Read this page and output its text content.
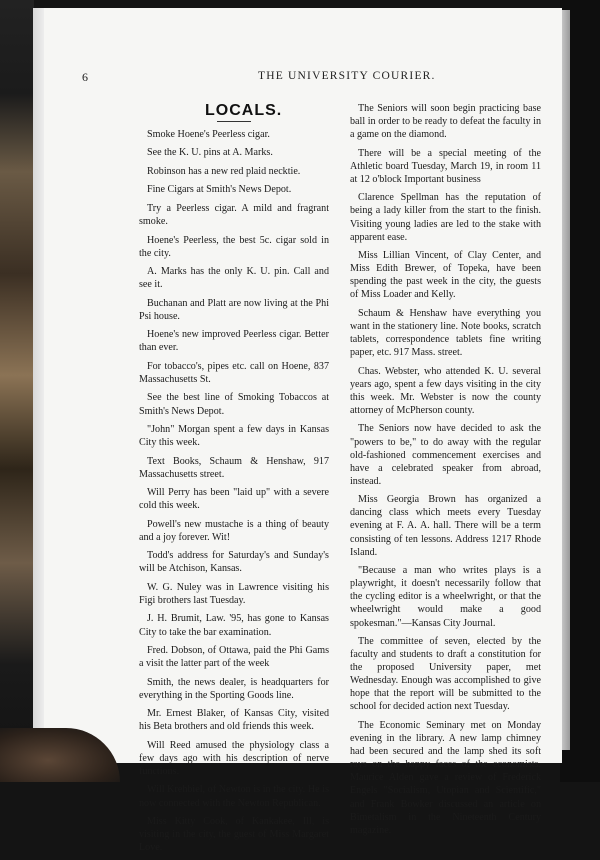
6	THE UNIVERSITY COURIER.
LOCALS.

Smoke Hoene's Peerless cigar.

See the K. U. pins at A. Marks.

Robinson has a new red plaid necktie.

Fine Cigars at Smith's News Depot.

Try a Peerless cigar. A mild and fragrant smoke.

Hoene's Peerless, the best 5c. cigar sold in the city.

A. Marks has the only K. U. pin. Call and see it.

Buchanan and Platt are now living at the Phi Psi house.

Hoene's new improved Peerless cigar. Better than ever.

For tobacco's, pipes etc. call on Hoene, 837 Massachusetts St.

See the best line of Smoking Tobaccos at Smith's News Depot.

"John" Morgan spent a few days in Kansas City this week.

Text Books, Schaum & Henshaw, 917 Massachusetts street.

Will Perry has been "laid up" with a severe cold this week.

Powell's new mustache is a thing of beauty and a joy forever. Wit!

Todd's address for Saturday's and Sunday's will be Atchison, Kansas.

W. G. Nuley was in Lawrence visiting his Figi brothers last Tuesday.

J. H. Brumit, Law. '95, has gone to Kansas City to take the bar examination.

Fred. Dobson, of Ottawa, paid the Phi Gams a visit the latter part of the week

Smith, the news dealer, is headquarters for everything in the Sporting Goods line.

Mr. Ernest Blaker, of Kansas City, visited his Beta brothers and old friends this week.

Will Reed amused the physiology class a few days ago with his description of nerve functions.

Will Krehbiel, of Newton is in the city. He is now connected with the Newton Republican.

Miss Kitty Cook, of Kankakee, Ill, is visiting in the city, the guest of Miss Margaret Love.

The Seniors will soon begin practicing base ball in order to be ready to defeat the faculty in a game on the diamond.

There will be a special meeting of the Athletic board Tuesday, March 19, in room 11 at 12 o'block Important business

Clarence Spellman has the reputation of being a lady killer from the start to the finish. Visiting young ladies are led to the stake with apparent ease.

Miss Lillian Vincent, of Clay Center, and Miss Edith Brewer, of Topeka, have been spending the past week in the city, the guests of Miss Loader and Kelly.

Schaum & Henshaw have everything you want in the stationery line. Note books, scratch tablets, correspondence tablets fine writing paper, etc. 917 Mass. street.

Chas. Webster, who attended K. U. several years ago, spent a few days visiting in the city this week. Mr. Webster is now the county attorney of McPherson county.

The Seniors now have decided to ask the "powers to be," to do away with the regular old-fashioned commencement exercises and have a celebrated speaker from abroad, instead.

Miss Georgia Brown has organized a dancing class which meets every Tuesday evening at F. A. A. hall. There will be a term consisting of ten lessons. Address 1217 Rhode Island.

"Because a man who writes plays is a playwright, it doesn't necessarily follow that the cycling editor is a wheelwright, or that the wheelwright would make a good spokesman."—Kansas City Journal.

The committee of seven, elected by the faculty and students to draft a constitution for the proposed University paper, met Wednesday. Enough was accomplished to give hope that the report will be submitted to the school for decided action next Tuesday.

The Economic Seminary met on Monday evening in the library. A new lamp chimney had been secured and the lamp shed its soft rays on the happy faces of the economists. Maurice Alden gave a review of Frederick Engels "Socialism, Utopian and Scientific," and Frank Bowker discussed an article on Bimetalism in the Nineteenth Century magazine.
